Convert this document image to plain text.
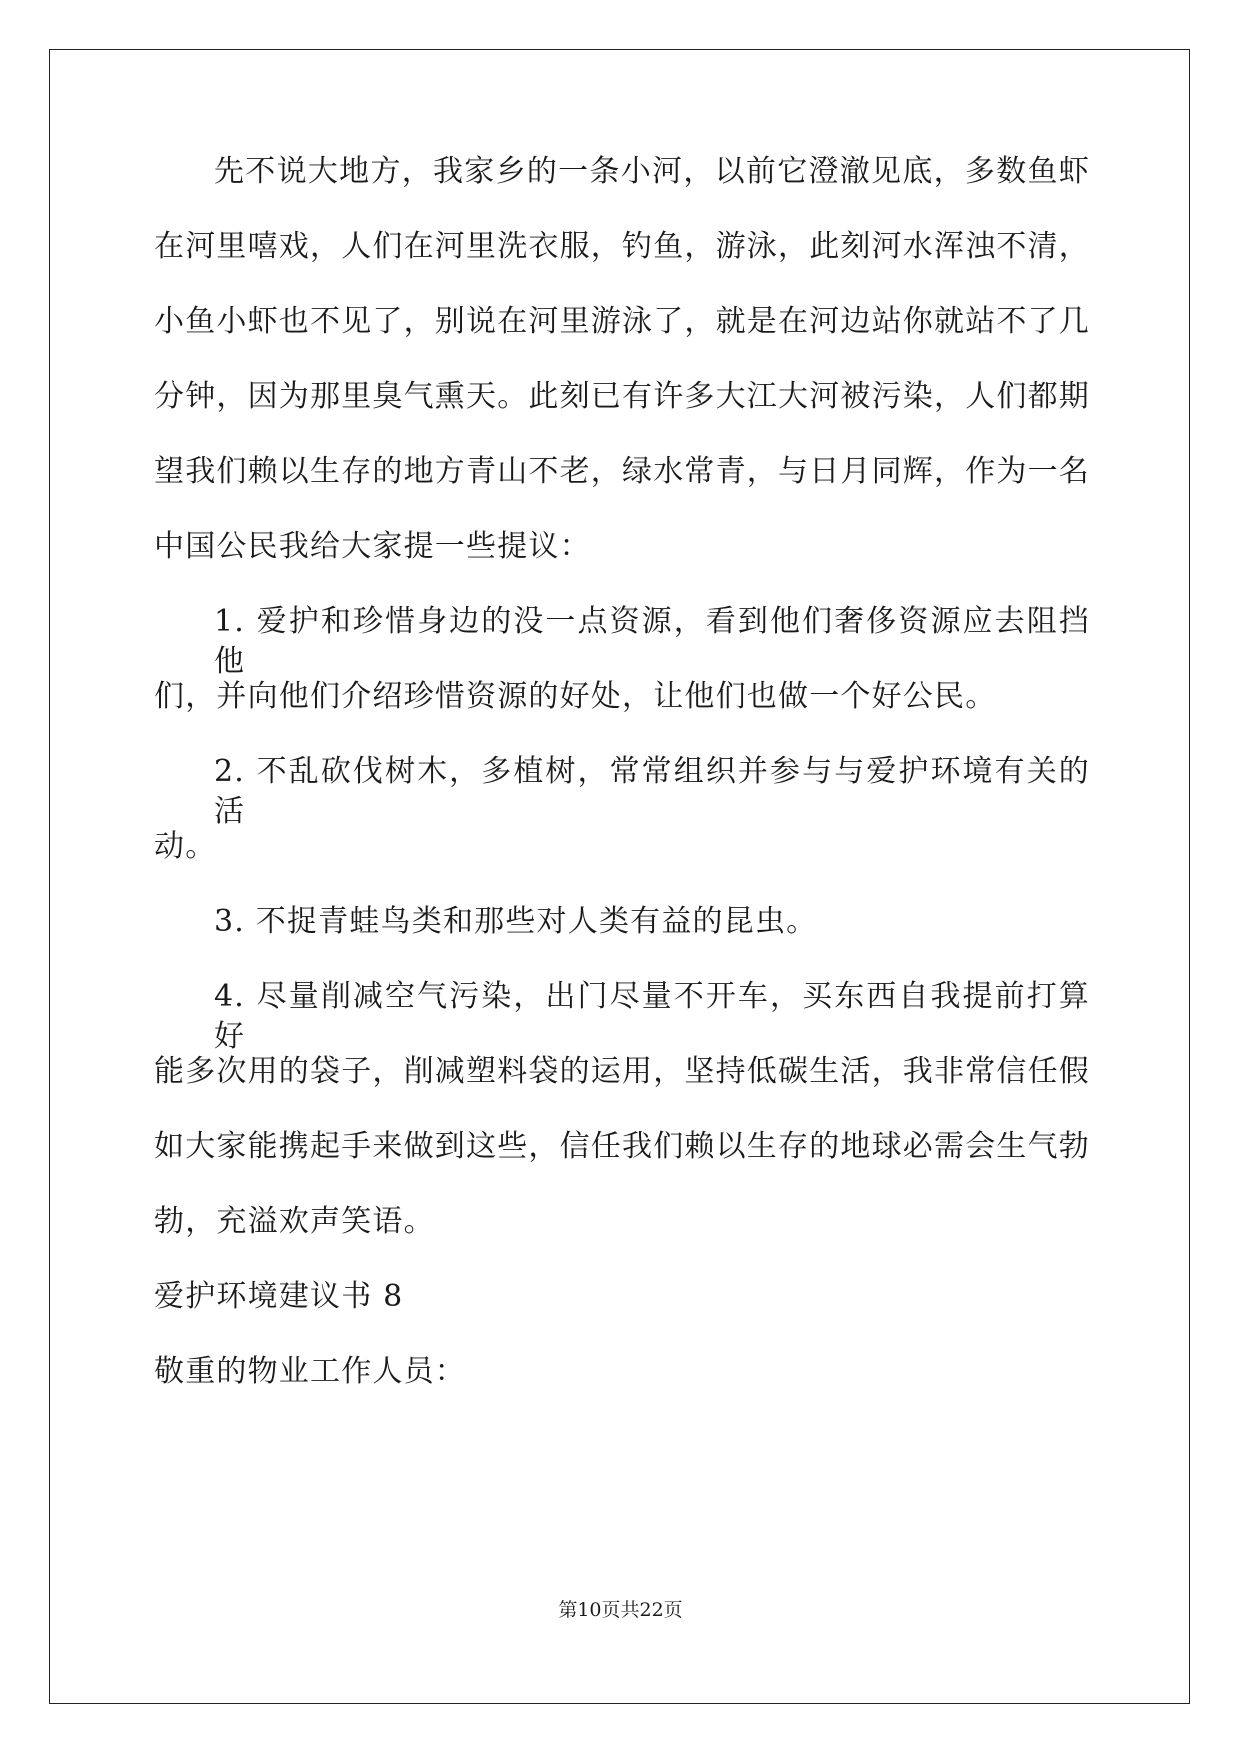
先不说大地方，我家乡的一条小河，以前它澄澈见底，多数鱼虾
在河里嘻戏，人们在河里洗衣服，钓鱼，游泳，此刻河水浑浊不清，
小鱼小虾也不见了，别说在河里游泳了，就是在河边站你就站不了几
分钟，因为那里臭气熏天。此刻已有许多大江大河被污染，人们都期
望我们赖以生存的地方青山不老，绿水常青，与日月同辉，作为一名
中国公民我给大家提一些提议：
1. 爱护和珍惜身边的没一点资源，看到他们奢侈资源应去阻挡他
们，并向他们介绍珍惜资源的好处，让他们也做一个好公民。
2. 不乱砍伐树木，多植树，常常组织并参与与爱护环境有关的活
动。
3. 不捉青蛙鸟类和那些对人类有益的昆虫。
4. 尽量削减空气污染，出门尽量不开车，买东西自我提前打算好
能多次用的袋子，削减塑料袋的运用，坚持低碳生活，我非常信任假
如大家能携起手来做到这些，信任我们赖以生存的地球必需会生气勃
勃，充溢欢声笑语。
爱护环境建议书 8
敬重的物业工作人员：
第10页共22页
